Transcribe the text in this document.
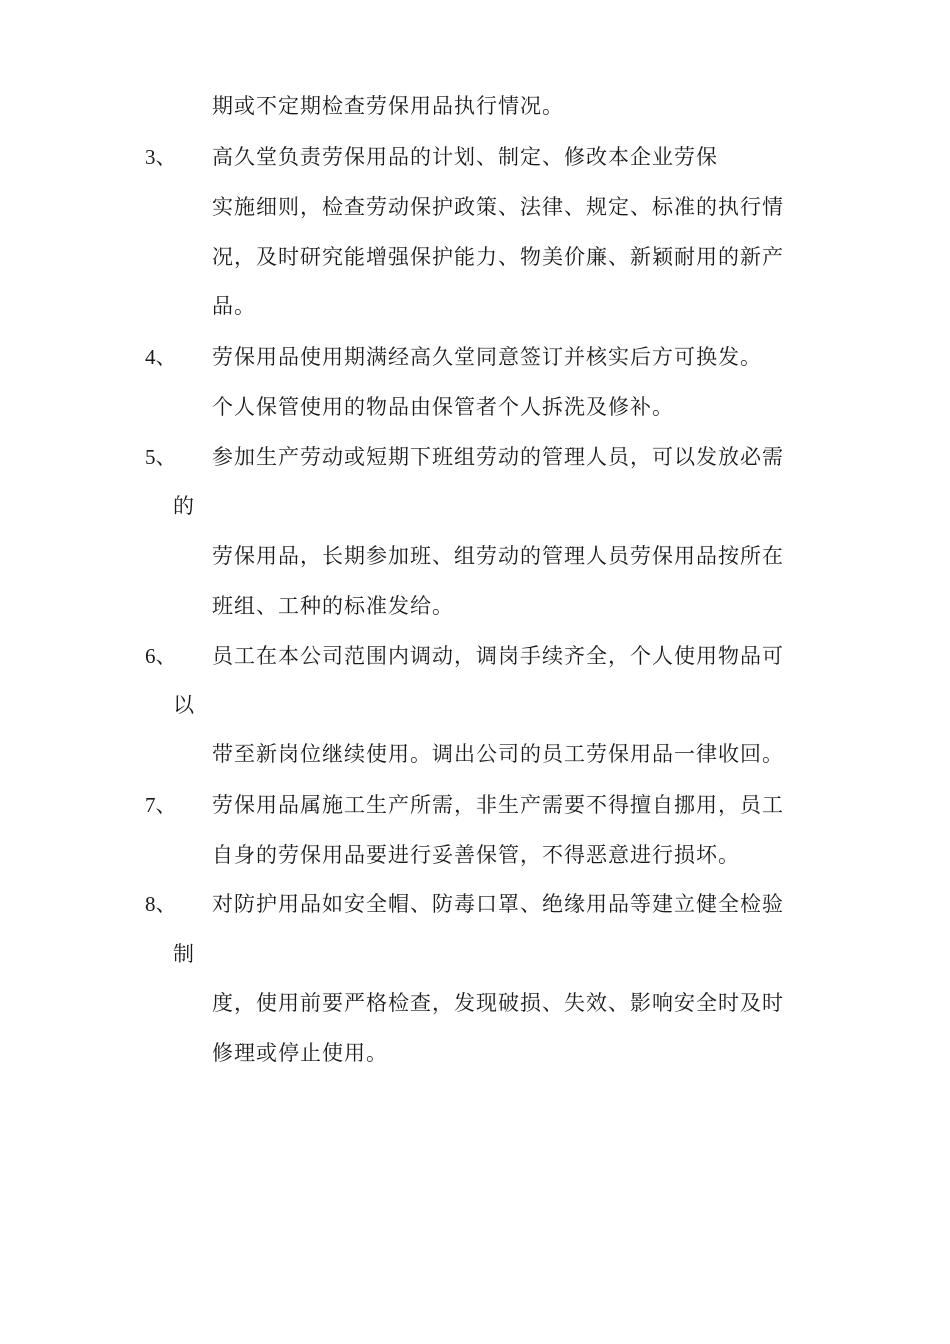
期或不定期检查劳保用品执行情况。
3、 高久堂负责劳保用品的计划、制定、修改本企业劳保
实施细则，检查劳动保护政策、法律、规定、标准的执行情
况，及时研究能增强保护能力、物美价廉、新颖耐用的新产
品。
4、 劳保用品使用期满经高久堂同意签订并核实后方可换发。
个人保管使用的物品由保管者个人拆洗及修补。
5、 参加生产劳动或短期下班组劳动的管理人员，可以发放必需
的
劳保用品，长期参加班、组劳动的管理人员劳保用品按所在
班组、工种的标准发给。
6、 员工在本公司范围内调动，调岗手续齐全，个人使用物品可
以
带至新岗位继续使用。调出公司的员工劳保用品一律收回。
7、 劳保用品属施工生产所需，非生产需要不得擅自挪用，员工
自身的劳保用品要进行妥善保管，不得恶意进行损坏。
8、 对防护用品如安全帽、防毒口罩、绝缘用品等建立健全检验
制
度，使用前要严格检查，发现破损、失效、影响安全时及时
修理或停止使用。
